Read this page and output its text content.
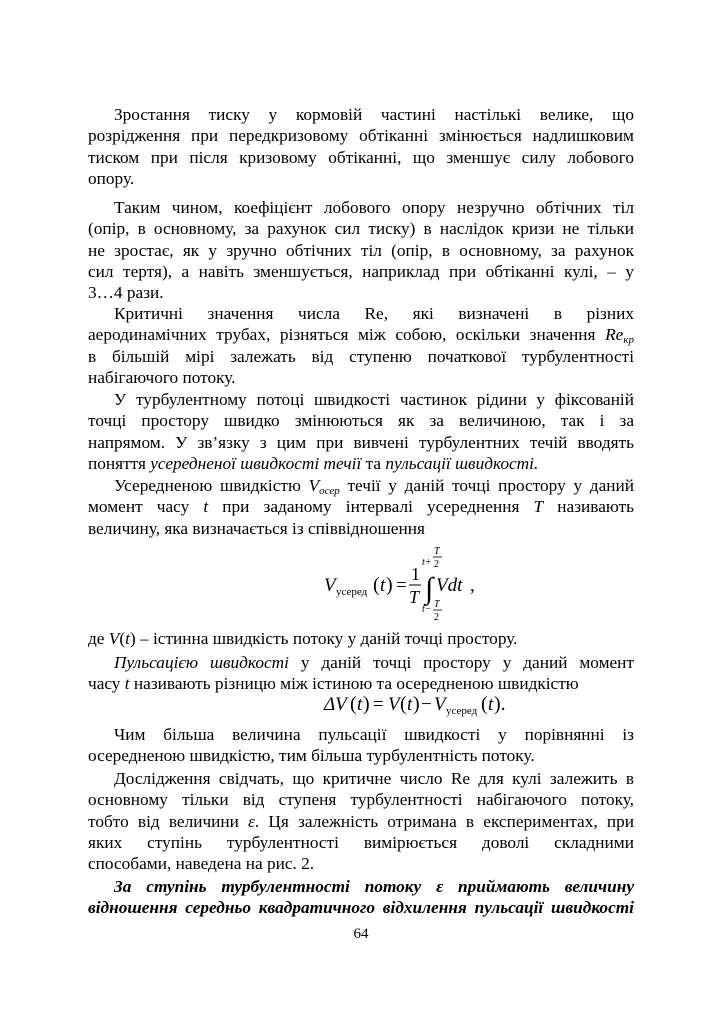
Зростання тиску у кормовій частині настількі велике, що
розрідження при передкризовому обтіканні змінюється надлишковим
тиском при після кризовому обтіканні, що зменшує силу лобового
опору.
Таким чином, коефіцієнт лобового опору незручно обтічних тіл
(опір, в основному, за рахунок сил тиску) в наслідок кризи не тільки
не зростає, як у зручно обтічних тіл (опір, в основному, за рахунок
сил тертя), а навіть зменшується, наприклад при обтіканні кулі, – у
3…4 рази.
Критичні значення числа Re, які визначені в різних
аеродинамічних трубах, різняться між собою, оскільки значення Reкр
в більшій мірі залежать від ступеню початкової турбулентності
набігаючого потоку.
У турбулентному потоці швидкості частинок рідини у фіксованій
точці простору швидко змінюються як за величиною, так і за
напрямом. У зв’язку з цим при вивчені турбулентних течій вводять
поняття усередненої швидкості течії та пульсації швидкості.
Усередненою швидкістю Vосер течії у даній точці простору у даний
момент часу t при заданому інтервалі усереднення T називають
величину, яка визначається із співвідношення
V усеред ( t ) =
1
T ∫
t+
T
2
t− T
2
Vdt ,
де V(t) – істинна швидкість потоку у даній точці простору.
Пульсацією швидкості у даній точці простору у даний момент
часу t називають різницю між істиною та осередненою швидкістю
ΔV ( t ) = V ( t ) − V усеред ( t ).
Чим більша величина пульсації швидкості у порівнянні із
осередненою швидкістю, тим більша турбулентність потоку.
Дослідження свідчать, що критичне число Re для кулі залежить в
основному тільки від ступеня турбулентності набігаючого потоку,
тобто від величини ε. Ця залежність отримана в експериментах, при
яких ступінь турбулентності вимірюється доволі складними
способами, наведена на рис. 2.
За ступінь турбулентності потоку ε приймають величину
відношення середньо квадратичного відхилення пульсації швидкості
64
